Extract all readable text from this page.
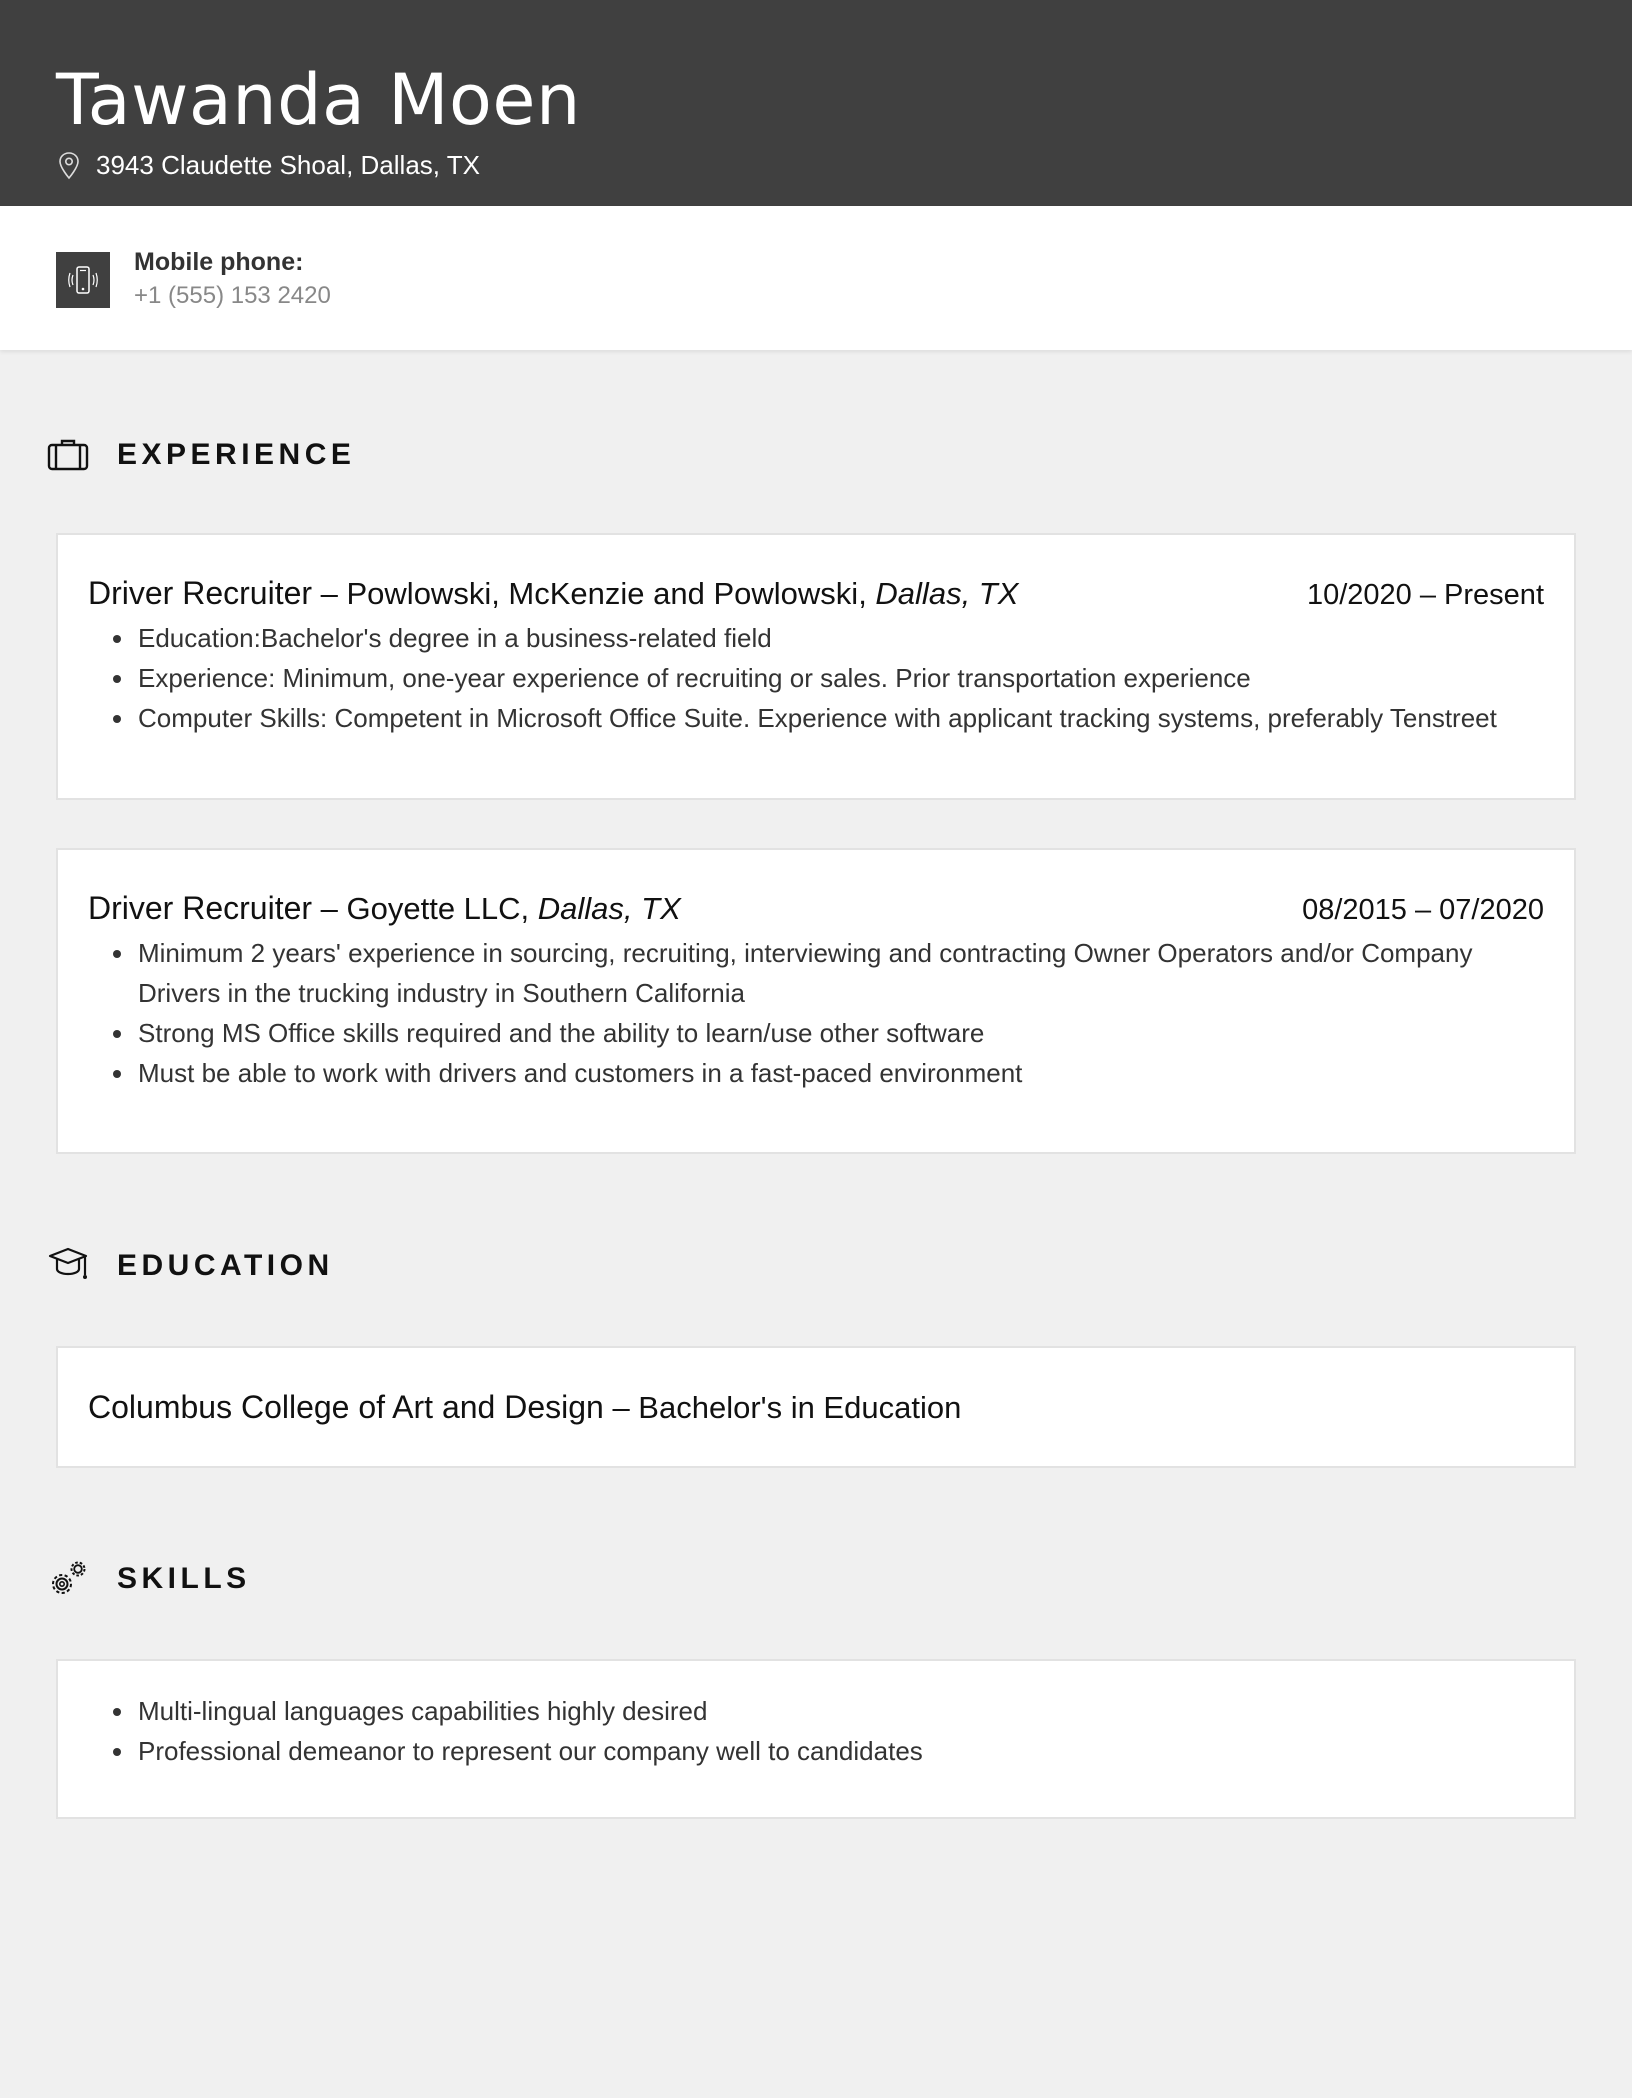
Tawanda Moen
3943 Claudette Shoal, Dallas, TX
Mobile phone:
+1 (555) 153 2420
EXPERIENCE
Driver Recruiter – Powlowski, McKenzie and Powlowski, Dallas, TX	10/2020 – Present
• Education:Bachelor's degree in a business-related field
• Experience: Minimum, one-year experience of recruiting or sales. Prior transportation experience
• Computer Skills: Competent in Microsoft Office Suite. Experience with applicant tracking systems, preferably Tenstreet
Driver Recruiter – Goyette LLC, Dallas, TX	08/2015 – 07/2020
• Minimum 2 years' experience in sourcing, recruiting, interviewing and contracting Owner Operators and/or Company Drivers in the trucking industry in Southern California
• Strong MS Office skills required and the ability to learn/use other software
• Must be able to work with drivers and customers in a fast-paced environment
EDUCATION
Columbus College of Art and Design – Bachelor's in Education
SKILLS
• Multi-lingual languages capabilities highly desired
• Professional demeanor to represent our company well to candidates
